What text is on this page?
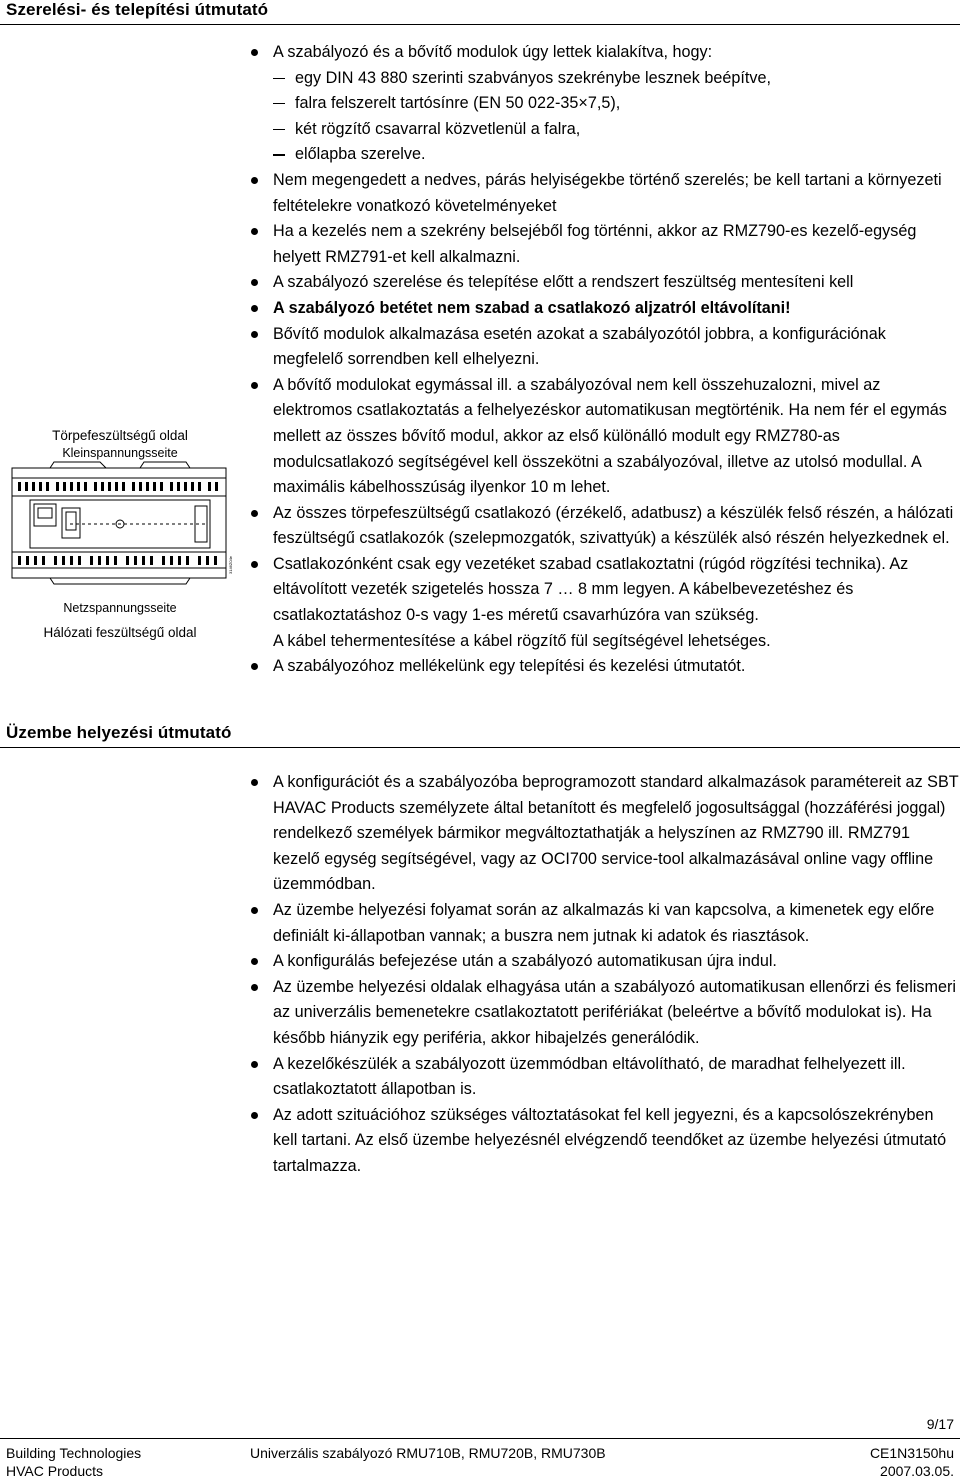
Szerelési- és telepítési útmutató
Törpefeszültségű oldal
Kleinspannungsseite
3146Z04e
Netzspannungsseite
Hálózati feszültségű oldal
A szabályozó és a bővítő modulok úgy lettek kialakítva, hogy:
egy DIN 43 880 szerinti szabványos szekrénybe lesznek beépítve,
falra felszerelt tartósínre (EN 50 022-35×7,5),
két rögzítő csavarral közvetlenül a falra,
előlapba szerelve.
Nem megengedett a nedves, párás helyiségekbe történő szerelés; be kell tartani a környezeti feltételekre vonatkozó követelményeket
Ha a kezelés nem a szekrény belsejéből fog történni, akkor az RMZ790-es kezelő-egység helyett RMZ791-et kell alkalmazni.
A szabályozó szerelése és telepítése előtt a rendszert feszültség mentesíteni kell
A szabályozó betétet nem szabad a csatlakozó aljzatról eltávolítani!
Bővítő modulok alkalmazása esetén azokat a szabályozótól jobbra, a konfigurációnak megfelelő sorrendben kell elhelyezni.
A bővítő modulokat egymással ill. a szabályozóval nem kell összehuzalozni, mivel az elektromos csatlakoztatás a felhelyezéskor automatikusan megtörténik. Ha nem fér el egymás mellett az összes bővítő modul, akkor az első különálló modult egy RMZ780-as modulcsatlakozó segítségével kell összekötni a szabályozóval, illetve az utolsó modullal. A maximális kábelhosszúság ilyenkor 10 m lehet.
Az összes törpefeszültségű csatlakozó (érzékelő, adatbusz) a készülék felső részén, a hálózati feszültségű csatlakozók (szelepmozgatók, szivattyúk) a készülék alsó részén helyezkednek el.
Csatlakozónként csak egy vezetéket szabad csatlakoztatni (rúgód rögzítési technika). Az eltávolított vezeték szigetelés hossza 7 … 8 mm legyen. A kábelbevezetéshez és csatlakoztatáshoz 0-s vagy 1-es méretű csavarhúzóra van szükség.
A kábel tehermentesítése a kábel rögzítő fül segítségével lehetséges.
A szabályozóhoz mellékelünk egy telepítési és kezelési útmutatót.
Üzembe helyezési útmutató
A konfigurációt és a szabályozóba beprogramozott standard alkalmazások paramétereit az SBT HAVAC Products személyzete által betanított és megfelelő jogosultsággal (hozzáférési joggal) rendelkező személyek bármikor megváltoztathatják a helyszínen az RMZ790 ill. RMZ791 kezelő egység segítségével, vagy az OCI700 service-tool alkalmazásával online vagy offline üzemmódban.
Az üzembe helyezési folyamat során az alkalmazás ki van kapcsolva, a kimenetek egy előre definiált ki-állapotban vannak; a buszra nem jutnak ki adatok és riasztások.
A konfigurálás befejezése után a szabályozó automatikusan újra indul.
Az üzembe helyezési oldalak elhagyása után a szabályozó automatikusan ellenőrzi és felismeri az univerzális bemenetekre csatlakoztatott perifériákat (beleértve a bővítő modulokat is). Ha később hiányzik egy periféria, akkor hibajelzés generálódik.
A kezelőkészülék a szabályozott üzemmódban eltávolítható, de maradhat felhelyezett ill. csatlakoztatott állapotban is.
Az adott szituációhoz szükséges változtatásokat fel kell jegyezni, és a kapcsolószekrényben kell tartani. Az első üzembe helyezésnél elvégzendő teendőket az üzembe helyezési útmutató tartalmazza.
9/17
Building Technologies
HVAC Products
Univerzális szabályozó RMU710B, RMU720B, RMU730B	CE1N3150hu
2007.03.05.
